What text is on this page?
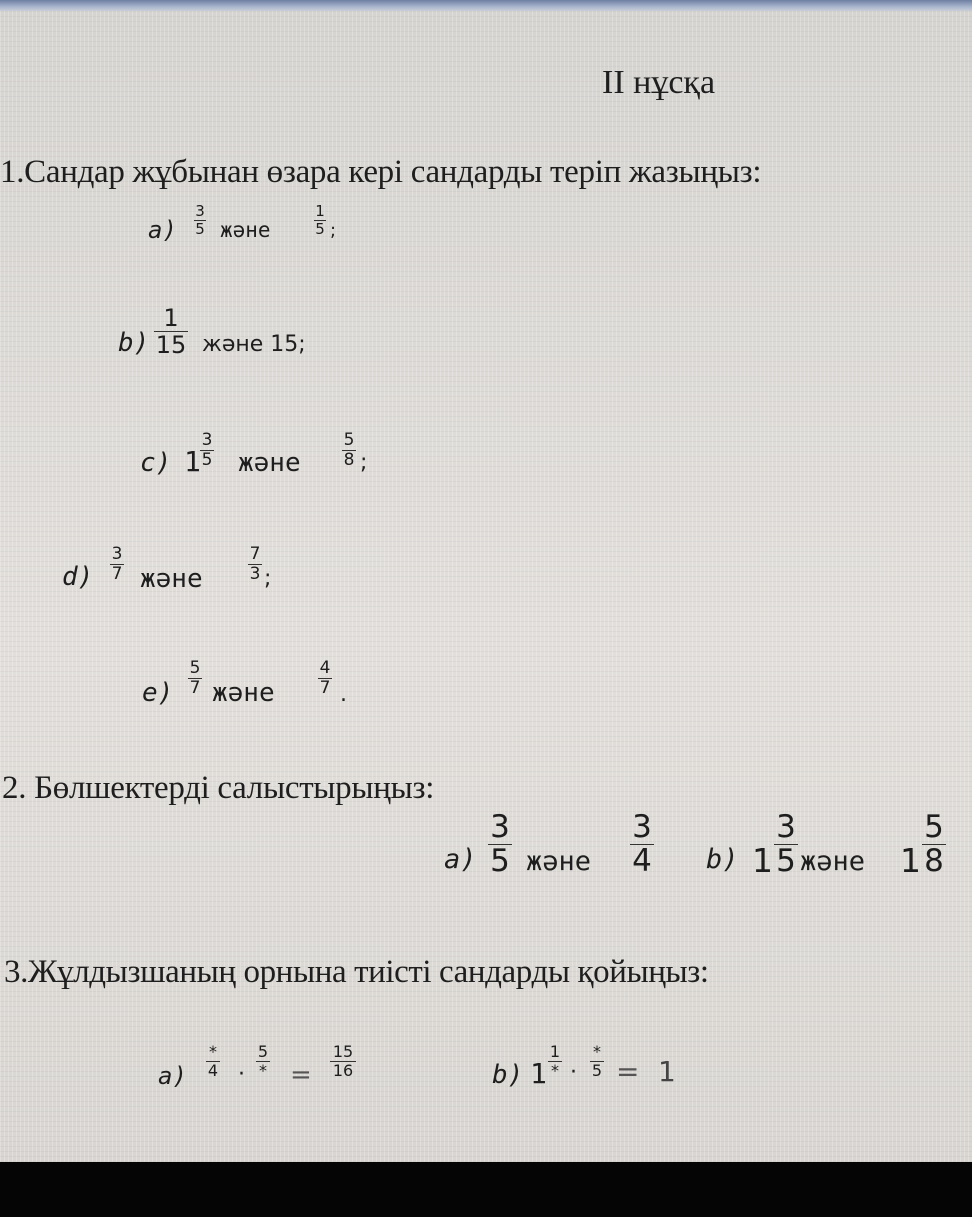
II нұсқа
1.Сандар жұбынан өзара кері сандарды теріп жазыңыз:
a)
3
5 және
1
5 ;
b)
1
15 және 15;
c) 1
3
5 және
5
8 ;
d)
3
7 және
7
3 ;
e)
5
7 және
4
7 .
2. Бөлшектерді салыстырыңыз:
a)
3
5 және
3
4 b) 1
3
5 және 1
5
8
3.Жұлдызшаның орнына тиісті сандарды қойыңыз:
a)
*
4 ·
5
* =
15
16	b) 1
1
* ·
*
5 = 1
